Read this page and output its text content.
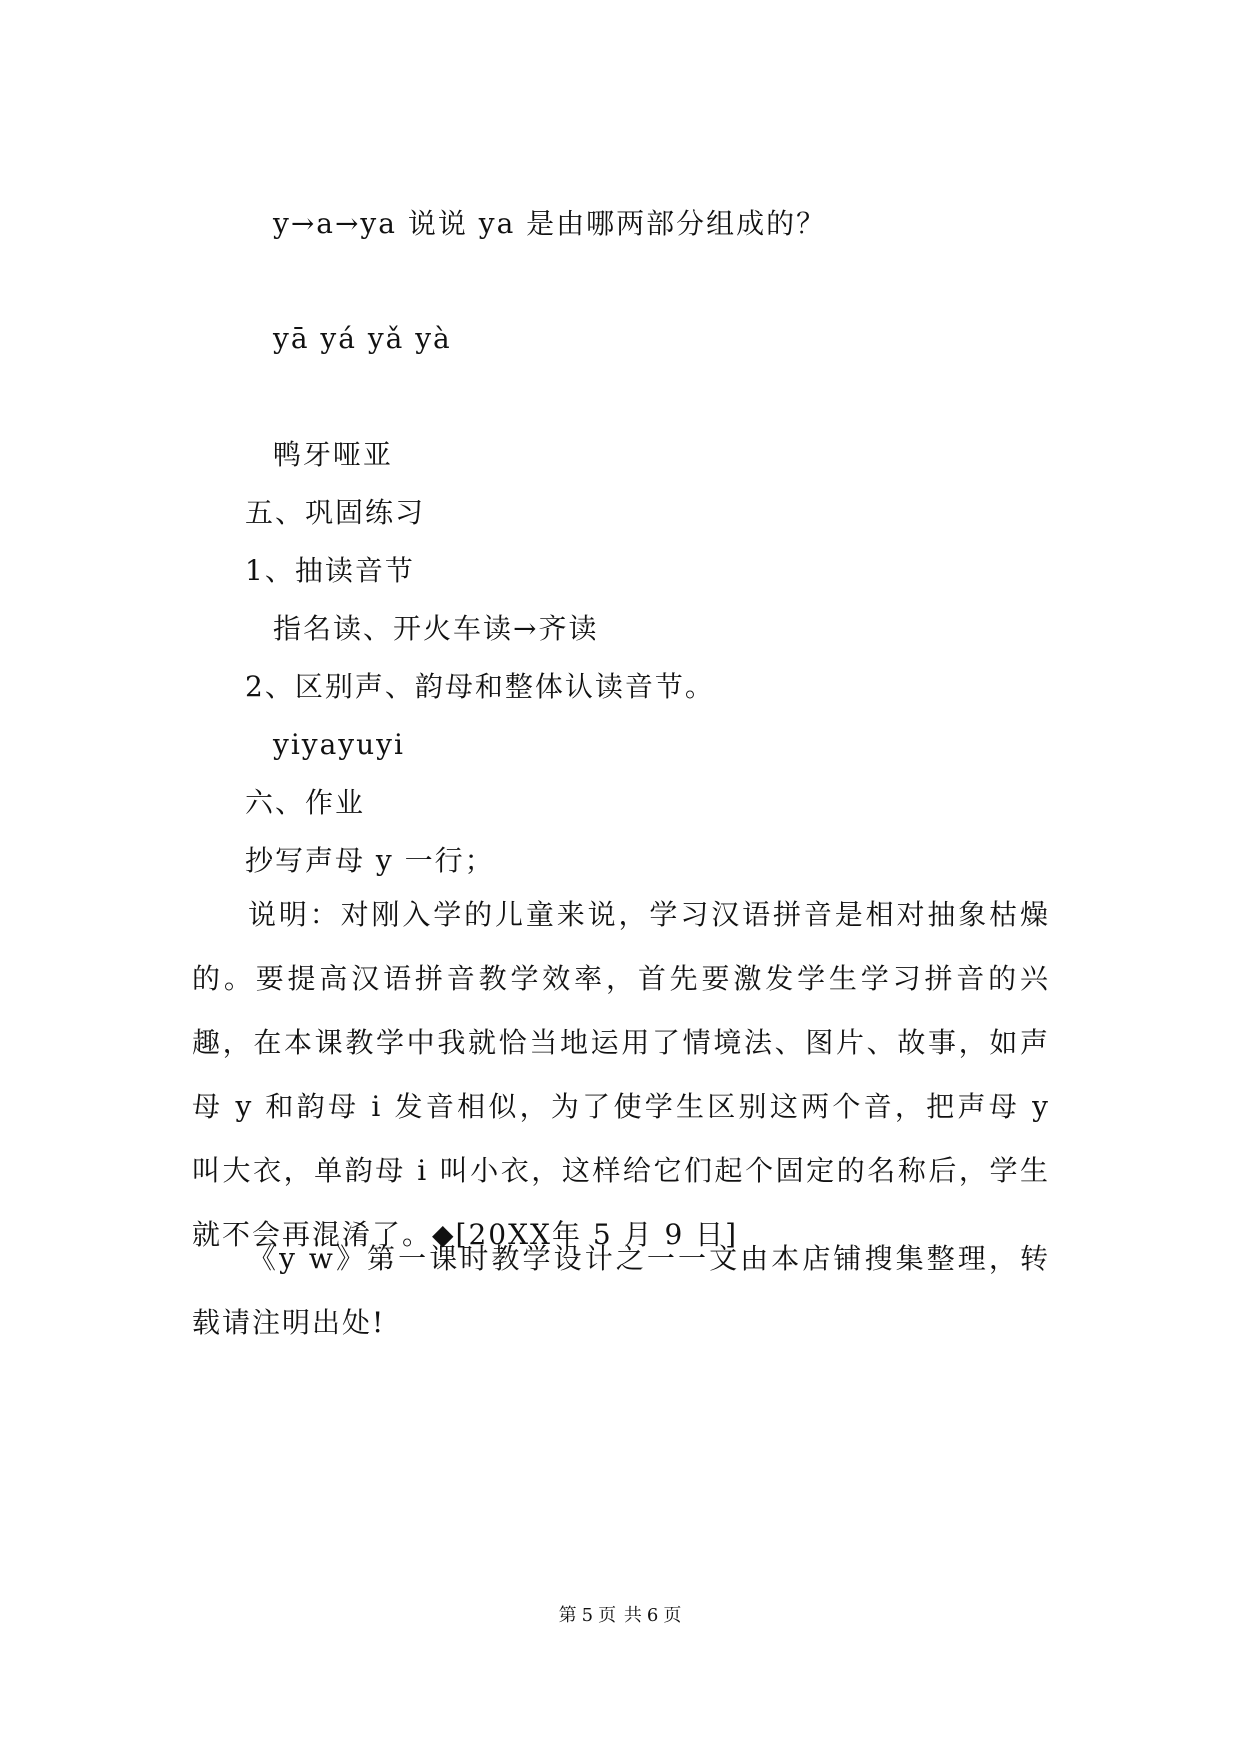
y→a→ya 说说 ya 是由哪两部分组成的？
yā yá yǎ yà
鸭牙哑亚
五、巩固练习
1、抽读音节
指名读、开火车读→齐读
2、区别声、韵母和整体认读音节。
yiyayuyi
六、作业
抄写声母 y 一行；
说明：对刚入学的儿童来说，学习汉语拼音是相对抽象枯燥的。要提高汉语拼音教学效率，首先要激发学生学习拼音的兴趣，在本课教学中我就恰当地运用了情境法、图片、故事，如声母 y 和韵母 i 发音相似，为了使学生区别这两个音，把声母 y 叫大衣，单韵母 i 叫小衣，这样给它们起个固定的名称后，学生就不会再混淆了。◆[20XX年 5 月 9 日]
《y w》第一课时教学设计之一一文由本店铺搜集整理，转载请注明出处!
第 5 页 共 6 页
